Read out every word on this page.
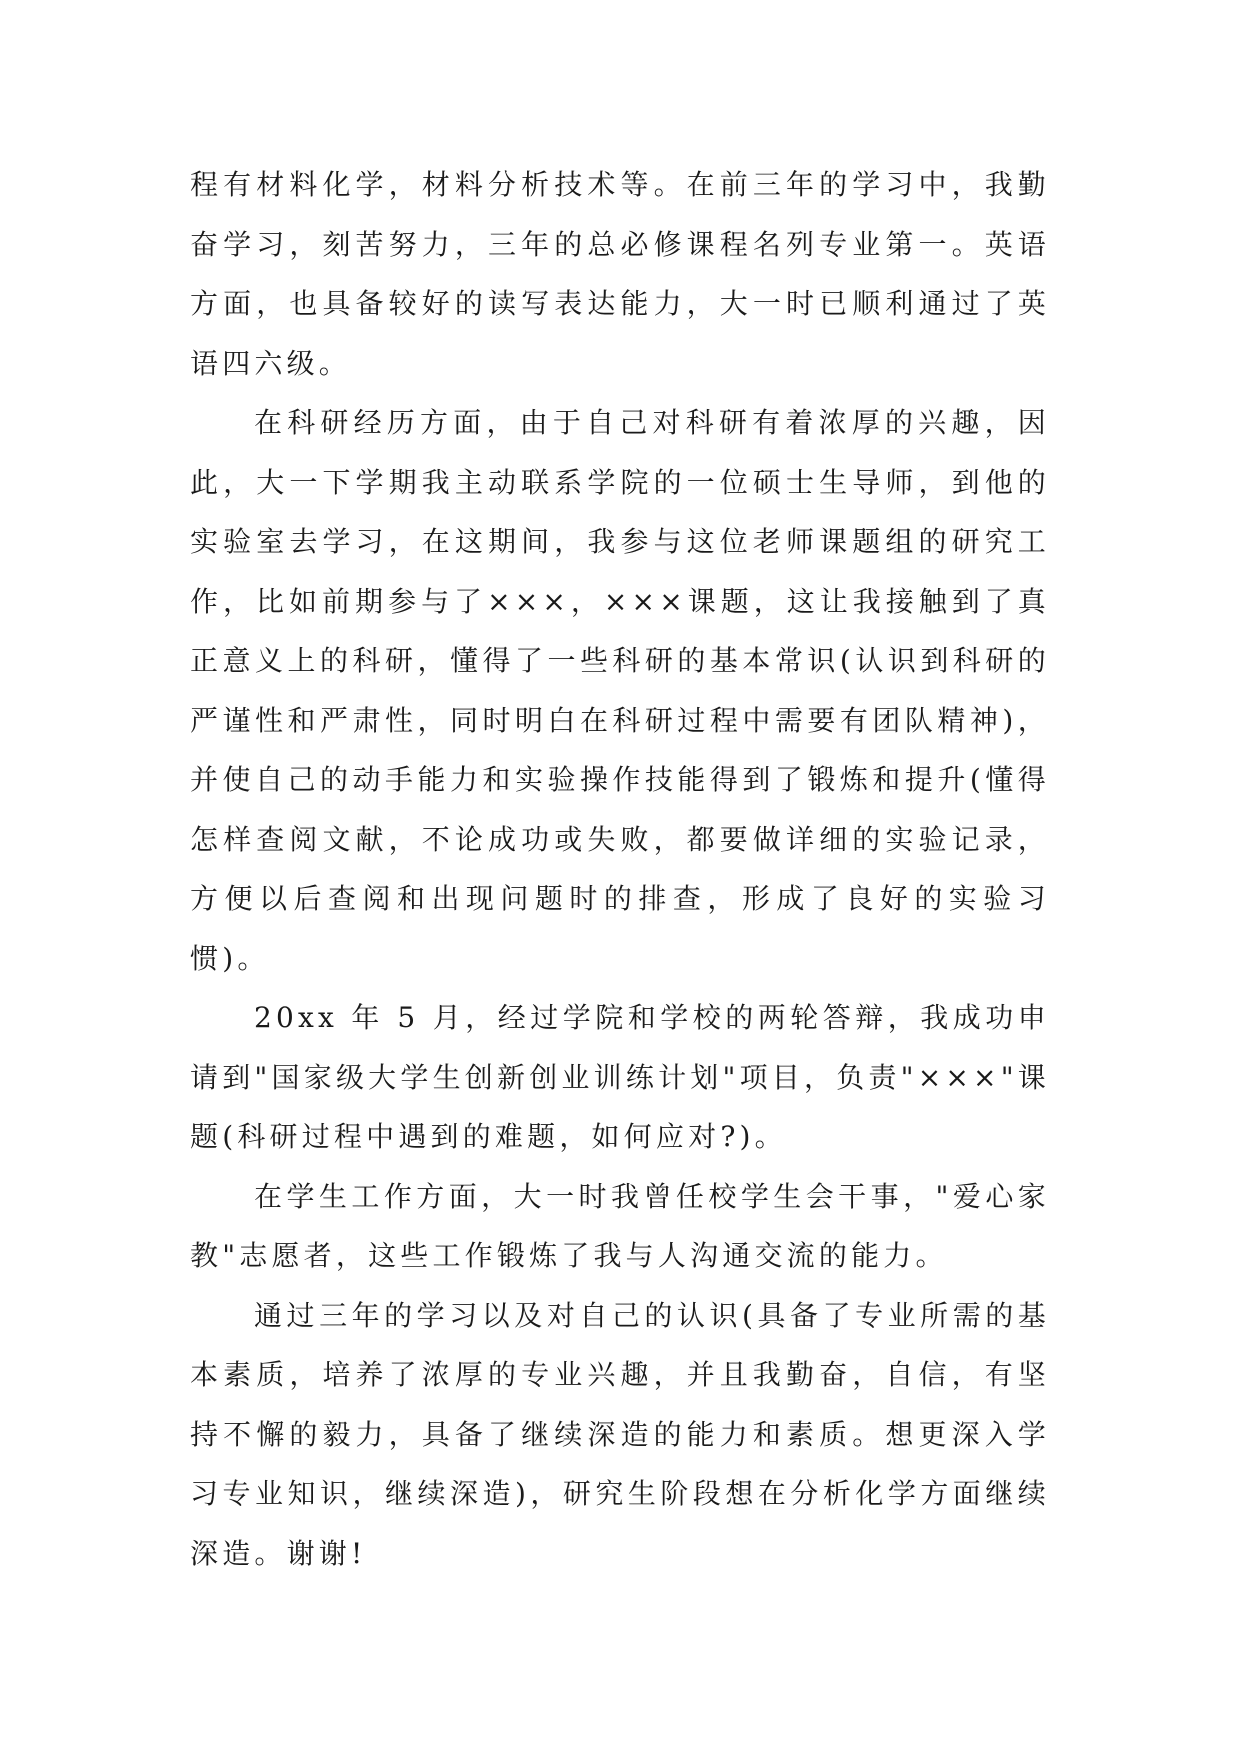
程有材料化学，材料分析技术等。在前三年的学习中，我勤奋学习，刻苦努力，三年的总必修课程名列专业第一。英语方面，也具备较好的读写表达能力，大一时已顺利通过了英语四六级。

在科研经历方面，由于自己对科研有着浓厚的兴趣，因此，大一下学期我主动联系学院的一位硕士生导师，到他的实验室去学习，在这期间，我参与这位老师课题组的研究工作，比如前期参与了×××，×××课题，这让我接触到了真正意义上的科研，懂得了一些科研的基本常识(认识到科研的严谨性和严肃性，同时明白在科研过程中需要有团队精神)，并使自己的动手能力和实验操作技能得到了锻炼和提升(懂得怎样查阅文献，不论成功或失败，都要做详细的实验记录，方便以后查阅和出现问题时的排查，形成了良好的实验习惯)。

20xx 年 5 月，经过学院和学校的两轮答辩，我成功申请到"国家级大学生创新创业训练计划"项目，负责"×××"课题(科研过程中遇到的难题，如何应对?)。

在学生工作方面，大一时我曾任校学生会干事，"爱心家教"志愿者，这些工作锻炼了我与人沟通交流的能力。

通过三年的学习以及对自己的认识(具备了专业所需的基本素质，培养了浓厚的专业兴趣，并且我勤奋，自信，有坚持不懈的毅力，具备了继续深造的能力和素质。想更深入学习专业知识，继续深造)，研究生阶段想在分析化学方面继续深造。谢谢!
